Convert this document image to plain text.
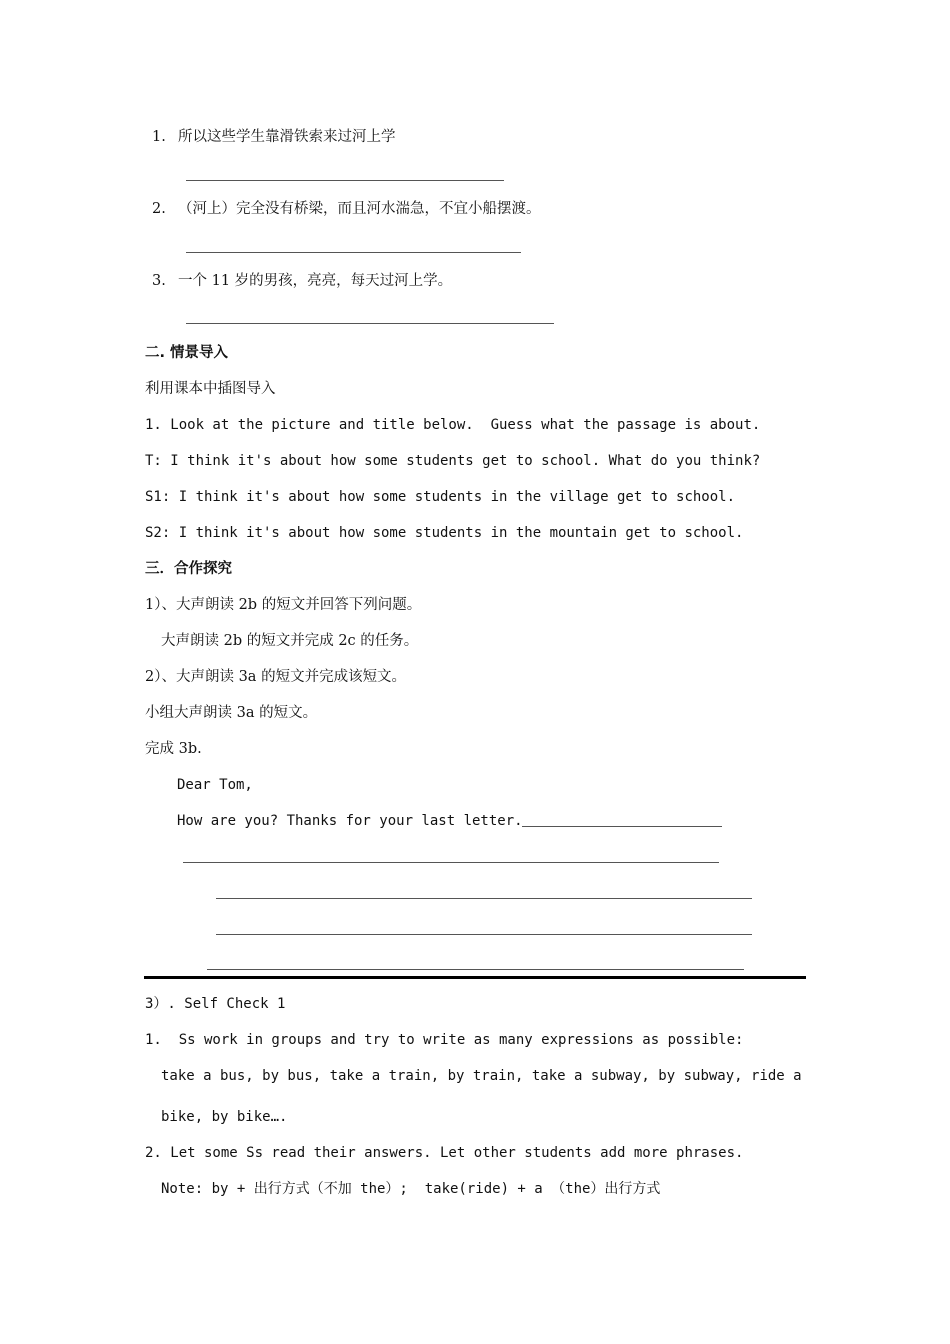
1. 所以这些学生靠滑铁索来过河上学
2. （河上）完全没有桥梁，而且河水湍急，不宜小船摆渡。
3. 一个 11 岁的男孩，亮亮，每天过河上学。
二. 情景导入
利用课本中插图导入
1. Look at the picture and title below.  Guess what the passage is about.
T: I think it's about how some students get to school. What do you think?
S1: I think it's about how some students in the village get to school.
S2: I think it's about how some students in the mountain get to school.
三．合作探究
1）、大声朗读 2b 的短文并回答下列问题。
大声朗读 2b 的短文并完成 2c 的任务。
2）、大声朗读 3a 的短文并完成该短文。
小组大声朗读 3a 的短文。
完成 3b.
Dear Tom,
How are you? Thanks for your last letter.
3）. Self Check 1
1.  Ss work in groups and try to write as many expressions as possible:
take a bus, by bus, take a train, by train, take a subway, by subway, ride a
bike, by bike….
2. Let some Ss read their answers. Let other students add more phrases.
Note: by + 出行方式（不加 the）;  take(ride) + a （the）出行方式
